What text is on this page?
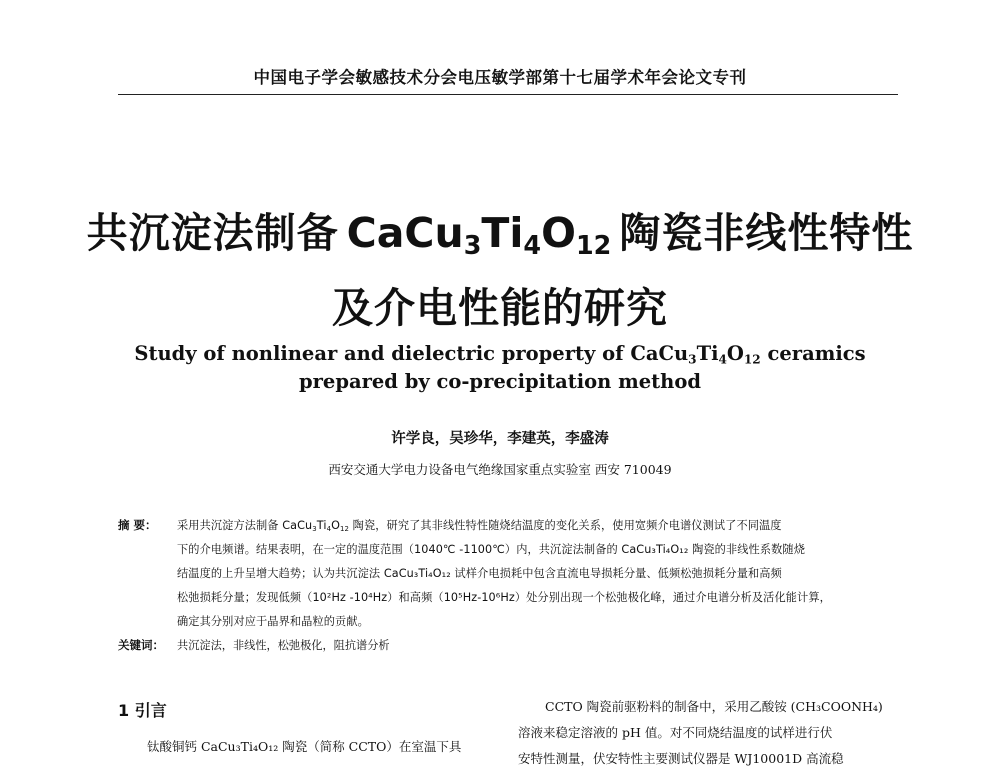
中国电子学会敏感技术分会电压敏学部第十七届学术年会论文专刊
共沉淀法制备 $CaCu_3Ti_4O_{12}$ 陶瓷非线性特性
及介电性能的研究
Study of nonlinear and dielectric property of $CaCu_3Ti_4O_{12}$ ceramics
prepared by co-precipitation method
许学良，吴珍华，李建英，李盛涛
西安交通大学电力设备电气绝缘国家重点实验室 西安 710049
摘 要： 采用共沉淀方法制备 $CaCu_3Ti_4O_{12}$ 陶瓷，研究了其非线性特性随烧结温度的变化关系，使用宽频介电谱仪测试了不同温度
下的介电频谱。结果表明，在一定的温度范围（1040℃ -1100℃）内，共沉淀法制备的 CaCu₃Ti₄O₁₂ 陶瓷的非线性系数随烧
结温度的上升呈增大趋势；认为共沉淀法 CaCu₃Ti₄O₁₂ 试样介电损耗中包含直流电导损耗分量、低频松弛损耗分量和高频
松弛损耗分量；发现低频（10²Hz -10⁴Hz）和高频（10⁵Hz-10⁶Hz）处分别出现一个松弛极化峰，通过介电谱分析及活化能计算，
确定其分别对应于晶界和晶粒的贡献。
关键词： 共沉淀法，非线性，松弛极化，阻抗谱分析
1 引言
钛酸铜钙 CaCu₃Ti₄O₁₂ 陶瓷（简称 CCTO）在室温下具
CCTO 陶瓷前驱粉料的制备中，采用乙酸铵 (CH₃COONH₄)
溶液来稳定溶液的 pH 值。对不同烧结温度的试样进行伏
安特性测量，伏安特性主要测试仪器是 WJ10001D 高流稳
